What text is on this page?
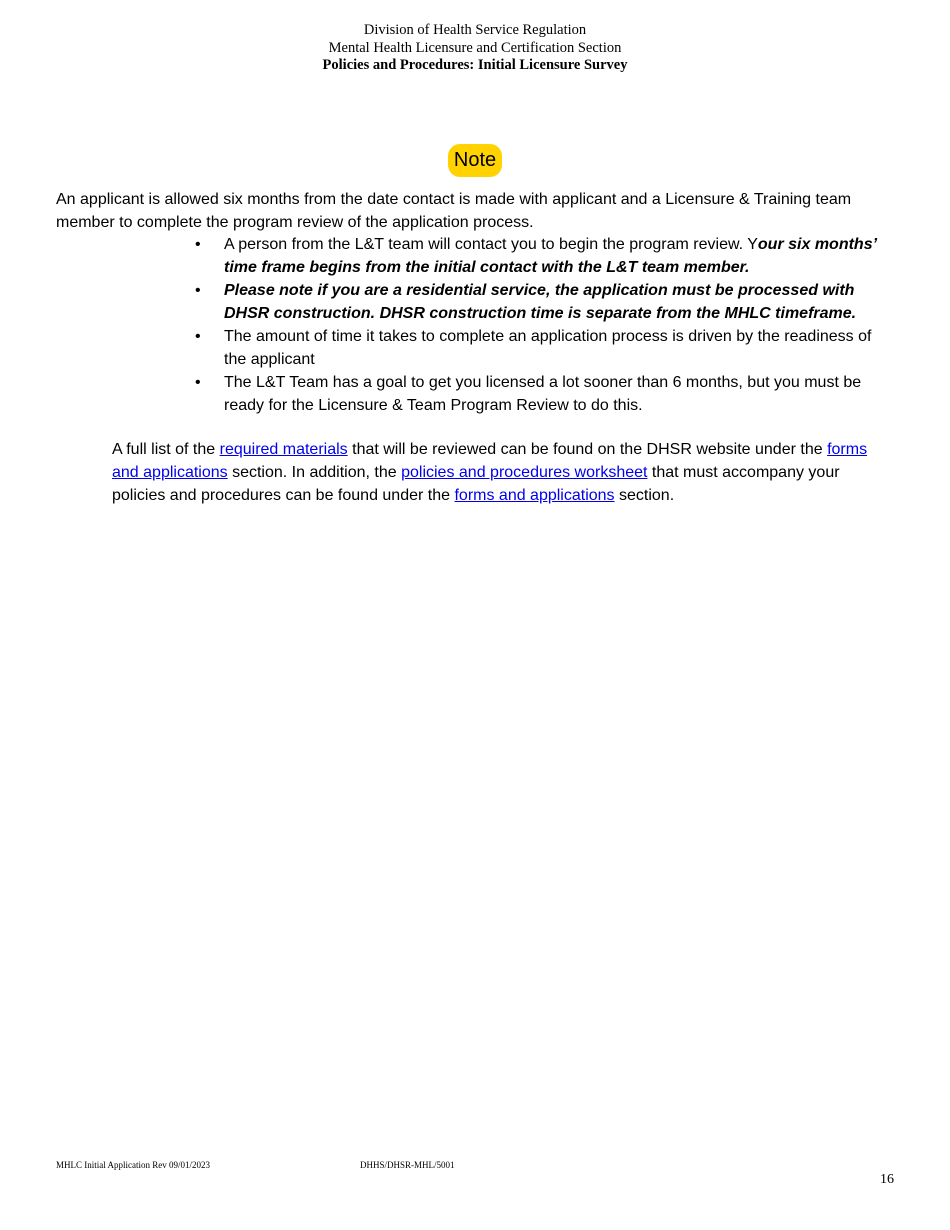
Division of Health Service Regulation
Mental Health Licensure and Certification Section
Policies and Procedures: Initial Licensure Survey
Note

An applicant is allowed six months from the date contact is made with applicant and a Licensure & Training team member to complete the program review of the application process.

• A person from the L&T team will contact you to begin the program review. Your six months’ time frame begins from the initial contact with the L&T team member.
• Please note if you are a residential service, the application must be processed with DHSR construction. DHSR construction time is separate from the MHLC timeframe.
• The amount of time it takes to complete an application process is driven by the readiness of the applicant
• The L&T Team has a goal to get you licensed a lot sooner than 6 months, but you must be ready for the Licensure & Team Program Review to do this.

A full list of the required materials that will be reviewed can be found on the DHSR website under the forms and applications section. In addition, the policies and procedures worksheet that must accompany your policies and procedures can be found under the forms and applications section.

MHLC Initial Application Rev 09/01/2023	DHHS/DHSR-MHL/5001
16
